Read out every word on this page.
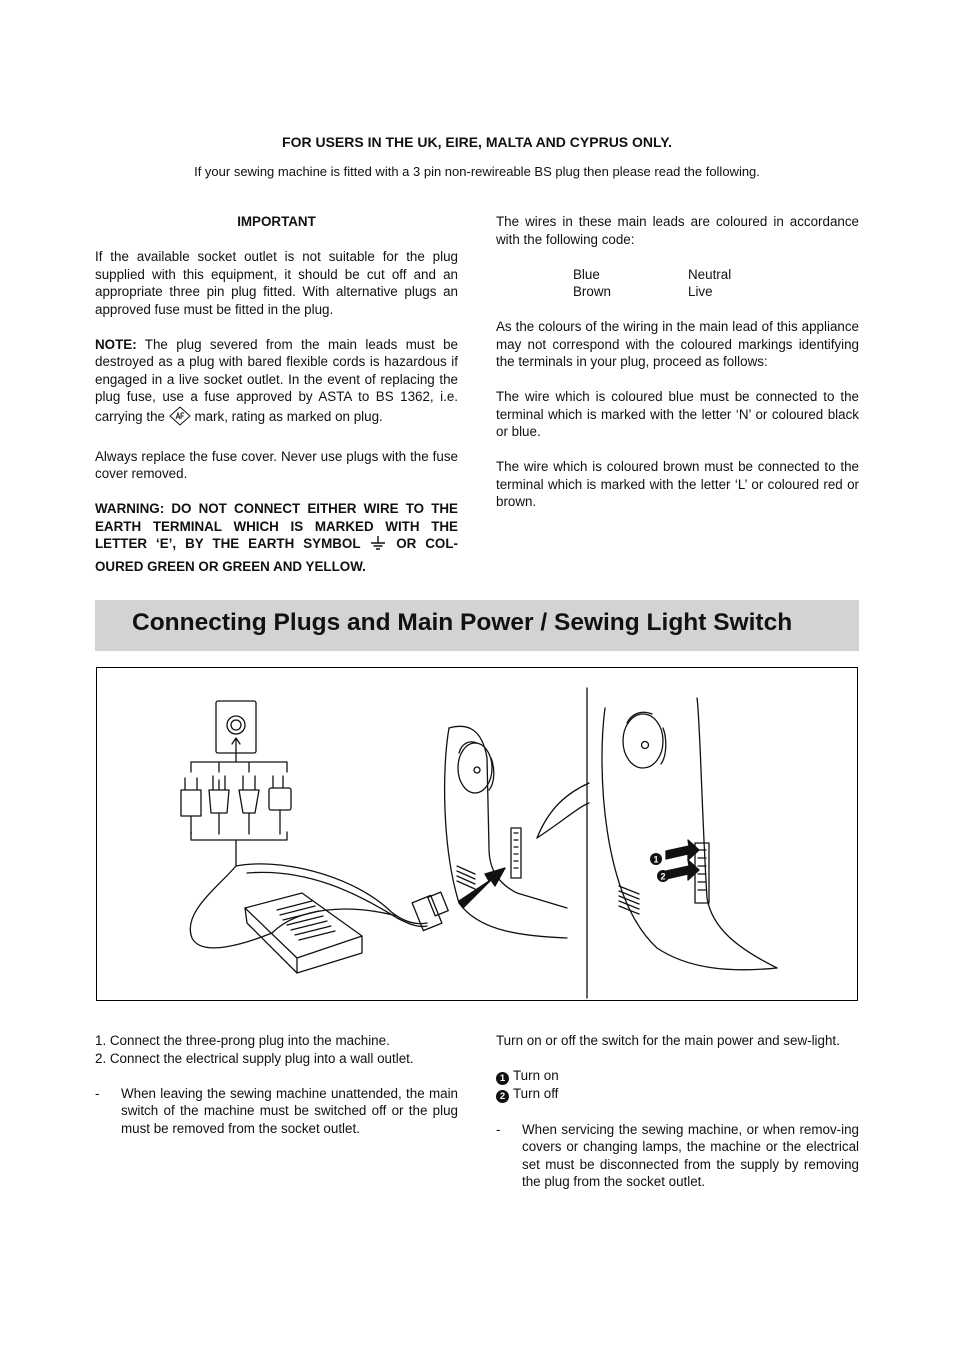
FOR USERS IN THE UK, EIRE, MALTA AND CYPRUS ONLY.
If your sewing machine is fitted with a 3 pin non-rewireable BS plug then please read the following.

IMPORTANT

If the available socket outlet is not suitable for the plug supplied with this equipment, it should be cut off and an appropriate three pin plug fitted. With alternative plugs an approved fuse must be fitted in the plug.

NOTE: The plug severed from the main leads must be destroyed as a plug with bared flexible cords is hazardous if engaged in a live socket outlet. In the event of replacing the plug fuse, use a fuse approved by ASTA to BS 1362, i.e. carrying the mark, rating as marked on plug.

Always replace the fuse cover. Never use plugs with the fuse cover removed.

WARNING: DO NOT CONNECT EITHER WIRE TO THE EARTH TERMINAL WHICH IS MARKED WITH THE LETTER ‘E’, BY THE EARTH SYMBOL	OR COL-OURED GREEN OR GREEN AND YELLOW.

The wires in these main leads are coloured in accordance with the following code:

Blue	Neutral
Brown	Live

As the colours of the wiring in the main lead of this appliance may not correspond with the coloured markings identifying the terminals in your plug, proceed as follows:

The wire which is coloured blue must be connected to the terminal which is marked with the letter ‘N’ or coloured black or blue.

The wire which is coloured brown must be connected to the terminal which is marked with the letter ‘L’ or coloured red or brown.

Connecting Plugs and Main Power / Sewing Light Switch
1
2

1. Connect the three-prong plug into the machine.

2. Connect the electrical supply plug into a wall outlet.

-	When leaving the sewing machine unattended, the main switch of the machine must be switched off or the plug must be removed from the socket outlet.

Turn on or off the switch for the main power and sew-light.

1 Turn on

2 Turn off

-	When servicing the sewing machine, or when remov-ing covers or changing lamps, the machine or the electrical set must be disconnected from the supply by removing the plug from the socket outlet.
